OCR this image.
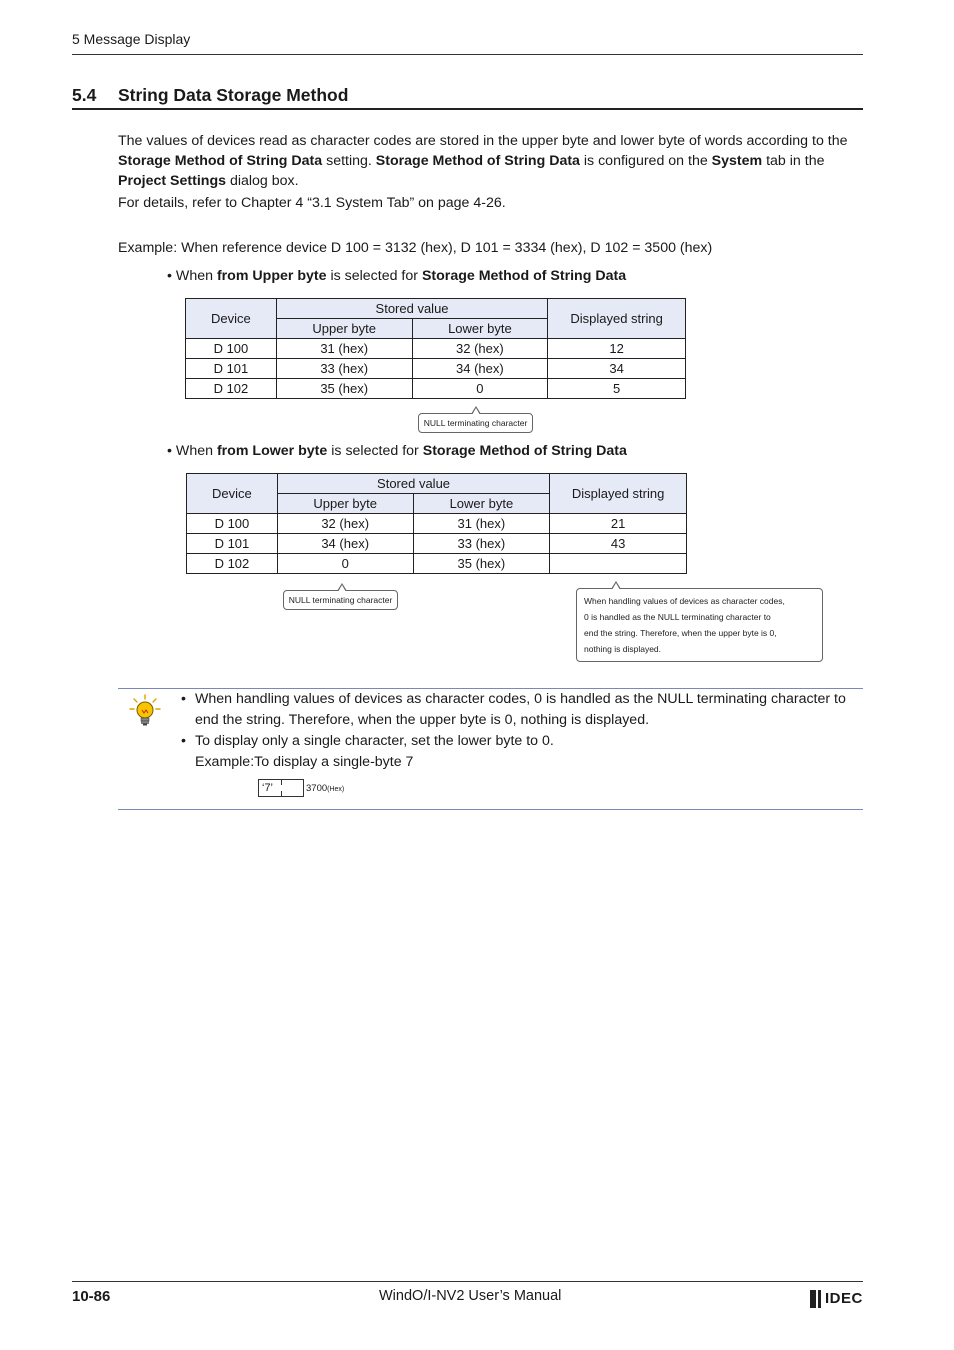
5 Message Display
5.4 String Data Storage Method
The values of devices read as character codes are stored in the upper byte and lower byte of words according to the
Storage Method of String Data setting. Storage Method of String Data is configured on the System tab in the
Project Settings dialog box.
For details, refer to Chapter 4 “3.1 System Tab” on page 4-26.
Example: When reference device D 100 = 3132 (hex), D 101 = 3334 (hex), D 102 = 3500 (hex)
• When from Upper byte is selected for Storage Method of String Data
Device	Stored value		Displayed string
	Upper byte	Lower byte	
D 100	31 (hex)	32 (hex)	12
D 101	33 (hex)	34 (hex)	34
D 102	35 (hex)	0	5
NULL terminating character
• When from Lower byte is selected for Storage Method of String Data
Device	Stored value		Displayed string
	Upper byte	Lower byte	
D 100	32 (hex)	31 (hex)	21
D 101	34 (hex)	33 (hex)	43
D 102	0	35 (hex)	
NULL terminating character	When handling values of devices as character codes,
0 is handled as the NULL terminating character to
end the string. Therefore, when the upper byte is 0,
nothing is displayed.
• When handling values of devices as character codes, 0 is handled as the NULL terminating character to
end the string. Therefore, when the upper byte is 0, nothing is displayed.
• To display only a single character, set the lower byte to 0.
Example:To display a single-byte 7
‘7’	3700(Hex)
10-86	WindO/I-NV2 User’s Manual	IDEC
